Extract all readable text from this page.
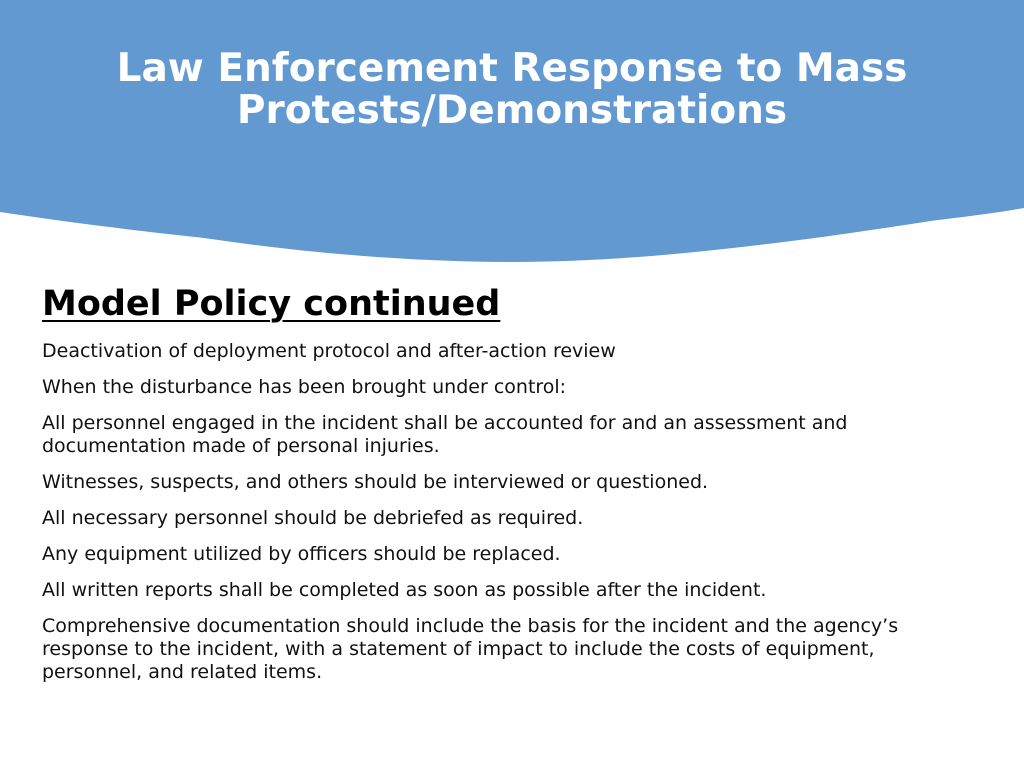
Law Enforcement Response to Mass Protests/Demonstrations
Model Policy continued
Deactivation of deployment protocol and after-action review
When the disturbance has been brought under control:
All personnel engaged in the incident shall be accounted for and an assessment and documentation made of personal injuries.
Witnesses, suspects, and others should be interviewed or questioned.
All necessary personnel should be debriefed as required.
Any equipment utilized by officers should be replaced.
All written reports shall be completed as soon as possible after the incident.
Comprehensive documentation should include the basis for the incident and the agency’s response to the incident, with a statement of impact to include the costs of equipment, personnel, and related items.
